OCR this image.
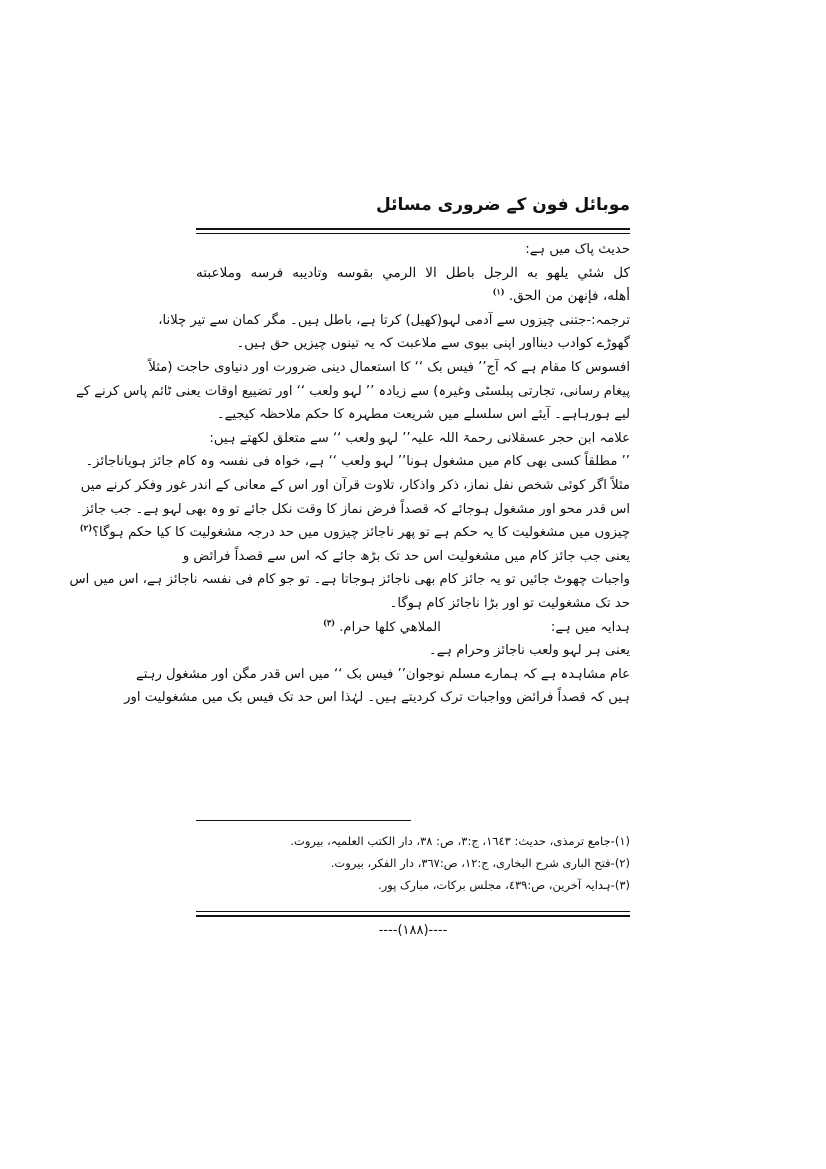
موبائل فون کے ضروری مسائل
حدیث پاک میں ہے:
کل شئي يلهو به الرجل باطل الا الرمي بقوسه وتاديبه فرسه وملاعبته
أهله، فإنهن من الحق. $^{(۱)}$
ترجمہ:-جتنی چیزوں سے آدمی لہو(کھیل) کرتا ہے، باطل ہیں۔ مگر کمان سے تیر چلانا،
گھوڑے کوادب دینااور اپنی بیوی سے ملاعبت کہ یہ تینوں چیزیں حق ہیں۔
افسوس کا مقام ہے کہ آج’’ فیس بک ‘‘ کا استعمال دینی ضرورت اور دنیاوی حاجت (مثلاً
پیغام رسانی، تجارتی پبلسٹی وغیرہ) سے زیادہ ’’ لہو ولعب ‘‘ اور تضییع اوقات یعنی ٹائم پاس کرنے کے
لیے ہورہاہے۔ آیئے اس سلسلے میں شریعت مطہرہ کا حکم ملاحظہ کیجیے۔
علامہ ابن حجر عسقلانی رحمۃ اللہ علیہ’’ لہو ولعب ‘‘ سے متعلق لکھتے ہیں:
’’ مطلقاً کسی بھی کام میں مشغول ہونا’’ لہو ولعب ‘‘ ہے، خواہ فی نفسہ وہ کام جائز ہویاناجائز۔
مثلاً اگر کوئی شخص نفل نماز، ذکر واذکار، تلاوت قرآن اور اس کے معانی کے اندر غور وفکر کرنے میں
اس قدر محو اور مشغول ہوجائے کہ قصداً فرض نماز کا وقت نکل جائے تو وہ بھی لہو ہے۔ جب جائز
چیزوں میں مشغولیت کا یہ حکم ہے تو پھر ناجائز چیزوں میں حد درجہ مشغولیت کا کیا حکم ہوگا؟$^{(۲)}$
یعنی جب جائز کام میں مشغولیت اس حد تک بڑھ جائے کہ اس سے قصداً فرائض و
واجبات چھوٹ جائیں تو یہ جائز کام بھی ناجائز ہوجاتا ہے۔ تو جو کام فی نفسہ ناجائز ہے، اس میں اس
حد تک مشغولیت تو اور بڑا ناجائز کام ہوگا۔
ہدایہ میں ہے:
الملاهي كلها حرام. $^{(۳)}$
یعنی ہر لہو ولعب ناجائز وحرام ہے۔
عام مشاہدہ ہے کہ ہمارے مسلم نوجوان’’ فیس بک ‘‘ میں اس قدر مگن اور مشغول رہتے
ہیں کہ قصداً فرائض وواجبات ترک کردیتے ہیں۔ لہٰذا اس حد تک فیس بک میں مشغولیت اور
(۱)-جامع ترمذی، حدیث: ۱٦٤۳، ج:۳، ص: ۳۸، دار الکتب العلمیہ، بیروت.
(۲)-فتح الباری شرح البخاری، ج:۱۲، ص:۳٦۷، دار الفکر، بیروت.
(۳)-ہدایہ آخرین، ص:٤۳۹، مجلس برکات، مبارک پور.
----(۱۸۸)----
